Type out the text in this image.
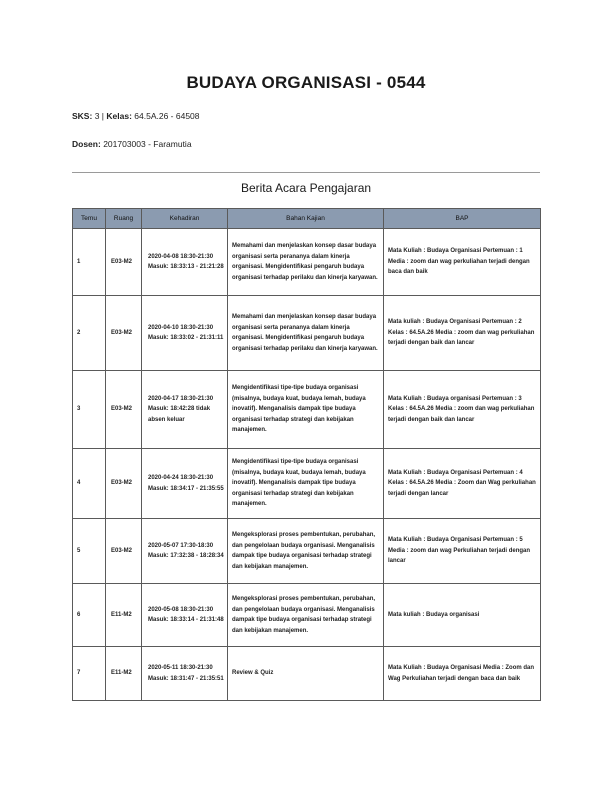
BUDAYA ORGANISASI - 0544
SKS: 3 | Kelas: 64.5A.26 - 64508
Dosen: 201703003 - Faramutia
Berita Acara Pengajaran
Temu	Ruang	Kehadiran	Bahan Kajian	BAP
1	E03-M2	2020-04-08 18:30-21:30 Masuk: 18:33:13 - 21:21:28	Memahami dan menjelaskan konsep dasar budaya organisasi serta perananya dalam kinerja organisasi. Mengidentifikasi pengaruh budaya organisasi terhadap perilaku dan kinerja karyawan.	Mata Kuliah : Budaya Organisasi Pertemuan : 1 Media : zoom dan wag perkuliahan terjadi dengan baca dan baik
2	E03-M2	2020-04-10 18:30-21:30 Masuk: 18:33:02 - 21:31:11	Memahami dan menjelaskan konsep dasar budaya organisasi serta perananya dalam kinerja organisasi. Mengidentifikasi pengaruh budaya organisasi terhadap perilaku dan kinerja karyawan.	Mata kuliah : Budaya Organisasi Pertemuan : 2 Kelas : 64.5A.26 Media : zoom dan wag perkuliahan terjadi dengan baik dan lancar
3	E03-M2	2020-04-17 18:30-21:30 Masuk: 18:42:28 tidak absen keluar	Mengidentifikasi tipe-tipe budaya organisasi (misalnya, budaya kuat, budaya lemah, budaya inovatif). Menganalisis dampak tipe budaya organisasi terhadap strategi dan kebijakan manajemen.	Mata Kuliah : Budaya organisasi Pertemuan : 3 Kelas : 64.5A.26 Media : zoom dan wag perkuliahan terjadi dengan baik dan lancar
4	E03-M2	2020-04-24 18:30-21:30 Masuk: 18:34:17 - 21:35:55	Mengidentifikasi tipe-tipe budaya organisasi (misalnya, budaya kuat, budaya lemah, budaya inovatif). Menganalisis dampak tipe budaya organisasi terhadap strategi dan kebijakan manajemen.	Mata Kuliah : Budaya Organisasi Pertemuan : 4 Kelas : 64.5A.26 Media : Zoom dan Wag perkuliahan terjadi dengan lancar
5	E03-M2	2020-05-07 17:30-18:30 Masuk: 17:32:38 - 18:28:34	Mengeksplorasi proses pembentukan, perubahan, dan pengelolaan budaya organisasi. Menganalisis dampak tipe budaya organisasi terhadap strategi dan kebijakan manajemen.	Mata Kuliah : Budaya Organisasi Pertemuan : 5 Media : zoom dan wag Perkuliahan terjadi dengan lancar
6	E11-M2	2020-05-08 18:30-21:30 Masuk: 18:33:14 - 21:31:48	Mengeksplorasi proses pembentukan, perubahan, dan pengelolaan budaya organisasi. Menganalisis dampak tipe budaya organisasi terhadap strategi dan kebijakan manajemen.	Mata kuliah : Budaya organisasi
7	E11-M2	2020-05-11 18:30-21:30 Masuk: 18:31:47 - 21:35:51	Review & Quiz	Mata Kuliah : Budaya Organisasi Media : Zoom dan Wag Perkuliahan terjadi dengan baca dan baik
